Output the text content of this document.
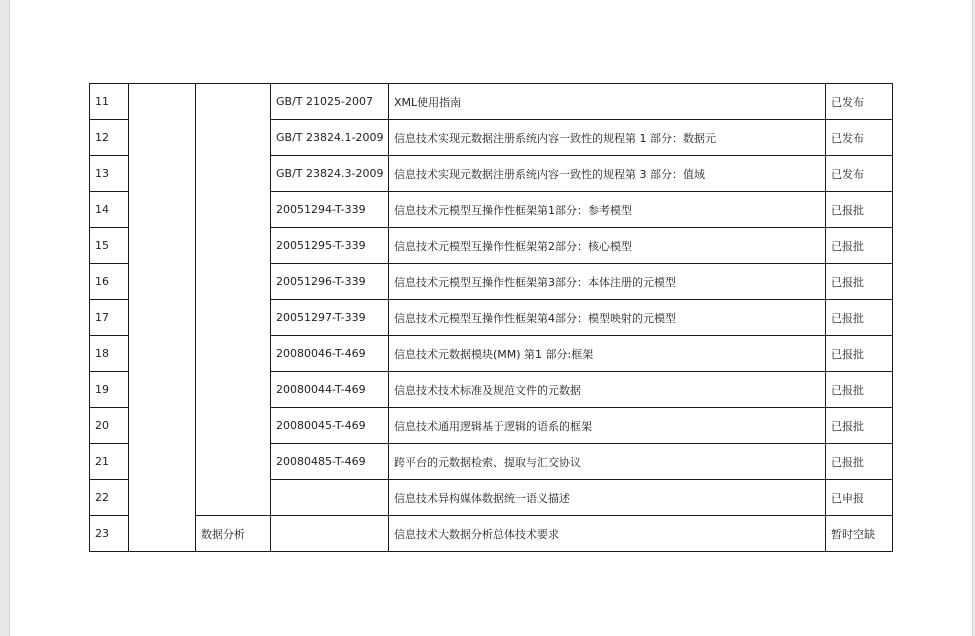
11			GB/T 21025-2007	XML使用指南	已发布
12			GB/T 23824.1-2009	信息技术实现元数据注册系统内容一致性的规程第 1 部分：数据元	已发布
13			GB/T 23824.3-2009	信息技术实现元数据注册系统内容一致性的规程第 3 部分：值域	已发布
14			20051294-T-339	信息技术元模型互操作性框架第1部分：参考模型	已报批
15			20051295-T-339	信息技术元模型互操作性框架第2部分：核心模型	已报批
16			20051296-T-339	信息技术元模型互操作性框架第3部分：本体注册的元模型	已报批
17			20051297-T-339	信息技术元模型互操作性框架第4部分：模型映射的元模型	已报批
18			20080046-T-469	信息技术元数据模块(MM) 第1 部分:框架	已报批
19			20080044-T-469	信息技术技术标准及规范文件的元数据	已报批
20			20080045-T-469	信息技术通用逻辑基于逻辑的语系的框架	已报批
21			20080485-T-469	跨平台的元数据检索、提取与汇交协议	已报批
22				信息技术异构媒体数据统一语义描述	已申报
23		数据分析		信息技术大数据分析总体技术要求	暂时空缺
